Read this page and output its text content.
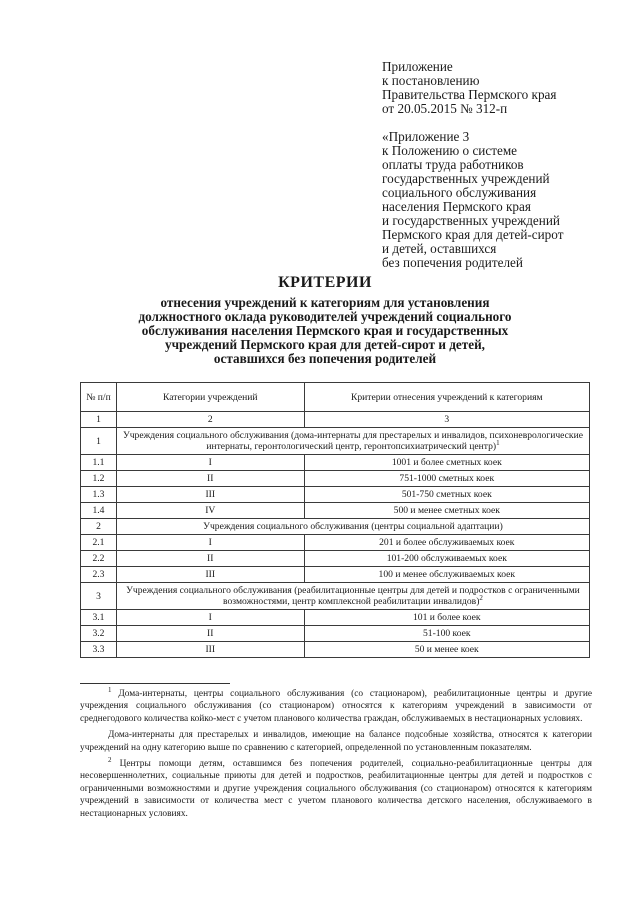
Приложение
к постановлению
Правительства Пермского края
от 20.05.2015 № 312-п
«Приложение 3
к Положению о системе
оплаты труда работников
государственных учреждений
социального обслуживания
населения Пермского края
и государственных учреждений
Пермского края для детей-сирот
и детей, оставшихся
без попечения родителей
КРИТЕРИИ
отнесения учреждений к категориям для установления
должностного оклада руководителей учреждений социального
обслуживания населения Пермского края и государственных
учреждений Пермского края для детей-сирот и детей,
оставшихся без попечения родителей
№ п/п	Категории учреждений	Критерии отнесения учреждений к категориям
1	2	3
1	Учреждения социального обслуживания (дома-интернаты для престарелых и инвалидов, психоневрологические интернаты, геронтологический центр, геронтопсихиатрический центр)$^1$
1.1	I	1001 и более сметных коек
1.2	II	751-1000 сметных коек
1.3	III	501-750 сметных коек
1.4	IV	500 и менее сметных коек
2	Учреждения социального обслуживания (центры социальной адаптации)	
2.1	I	201 и более обслуживаемых коек
2.2	II	101-200 обслуживаемых коек
2.3	III	100 и менее обслуживаемых коек
3	Учреждения социального обслуживания (реабилитационные центры для детей и подростков с ограниченными возможностями, центр комплексной реабилитации инвалидов)$^2$
3.1	I	101 и более коек
3.2	II	51-100 коек
3.3	III	50 и менее коек

$^1$ Дома-интернаты, центры социального обслуживания (со стационаром), реабилитационные центры и другие учреждения социального обслуживания (со стационаром) относятся к категориям учреждений в зависимости от среднегодового количества койко-мест с учетом планового количества граждан, обслуживаемых в нестационарных условиях.

Дома-интернаты для престарелых и инвалидов, имеющие на балансе подсобные хозяйства, относятся к категории учреждений на одну категорию выше по сравнению с категорией, определенной по установленным показателям.

$^2$ Центры помощи детям, оставшимся без попечения родителей, социально-реабилитационные центры для несовершеннолетних, социальные приюты для детей и подростков, реабилитационные центры для детей и подростков с ограниченными возможностями и другие учреждения социального обслуживания (со стационаром) относятся к категориям учреждений в зависимости от количества мест с учетом планового количества детского населения, обслуживаемого в нестационарных условиях.
